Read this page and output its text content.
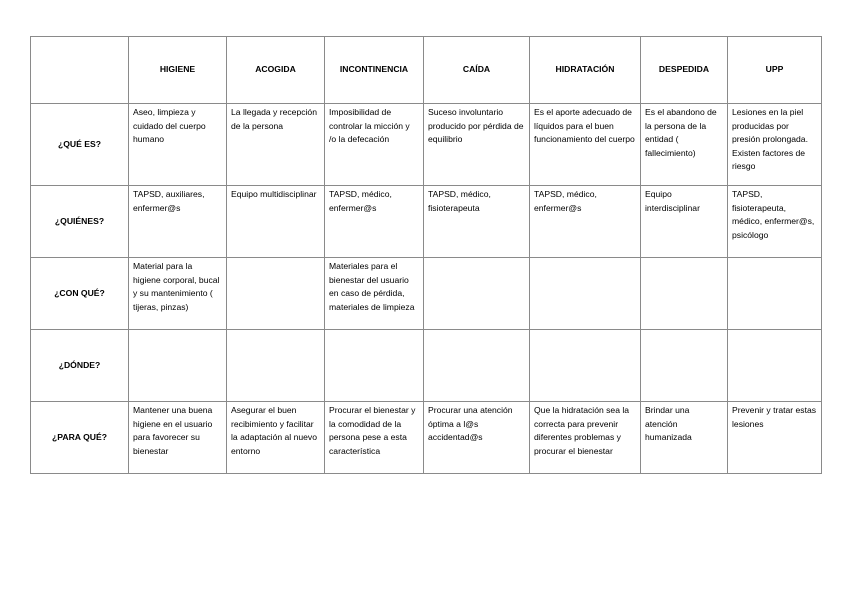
	HIGIENE	ACOGIDA	INCONTINENCIA	CAÍDA	HIDRATACIÓN	DESPEDIDA	UPP
¿QUÉ ES?	Aseo, limpieza y cuidado del cuerpo humano	La llegada y recepción de la persona	Imposibilidad de controlar la micción y /o la defecación	Suceso involuntario producido por pérdida de equilibrio	Es el aporte adecuado de líquidos para el buen funcionamiento del cuerpo	Es el abandono de la persona de la entidad ( fallecimiento)	Lesiones en la piel producidas por presión prolongada. Existen factores de riesgo
¿QUIÉNES?	TAPSD, auxiliares, enfermer@s	Equipo multidisciplinar	TAPSD, médico, enfermer@s	TAPSD, médico, fisioterapeuta	TAPSD, médico, enfermer@s	Equipo interdisciplinar	TAPSD, fisioterapeuta, médico, enfermer@s, psicólogo
¿CON QUÉ?	Material para la higiene corporal, bucal y su mantenimiento ( tijeras, pinzas)		Materiales para el bienestar del usuario en caso de pérdida, materiales de limpieza				
¿DÓNDE?							
¿PARA QUÉ?	Mantener una buena higiene en el usuario para favorecer su bienestar	Asegurar el buen recibimiento y facilitar la adaptación al nuevo entorno	Procurar el bienestar y la comodidad de la persona pese a esta característica	Procurar una atención óptima a l@s accidentad@s	Que la hidratación sea la correcta para prevenir diferentes problemas y procurar el bienestar	Brindar una atención humanizada	Prevenir y tratar estas lesiones
